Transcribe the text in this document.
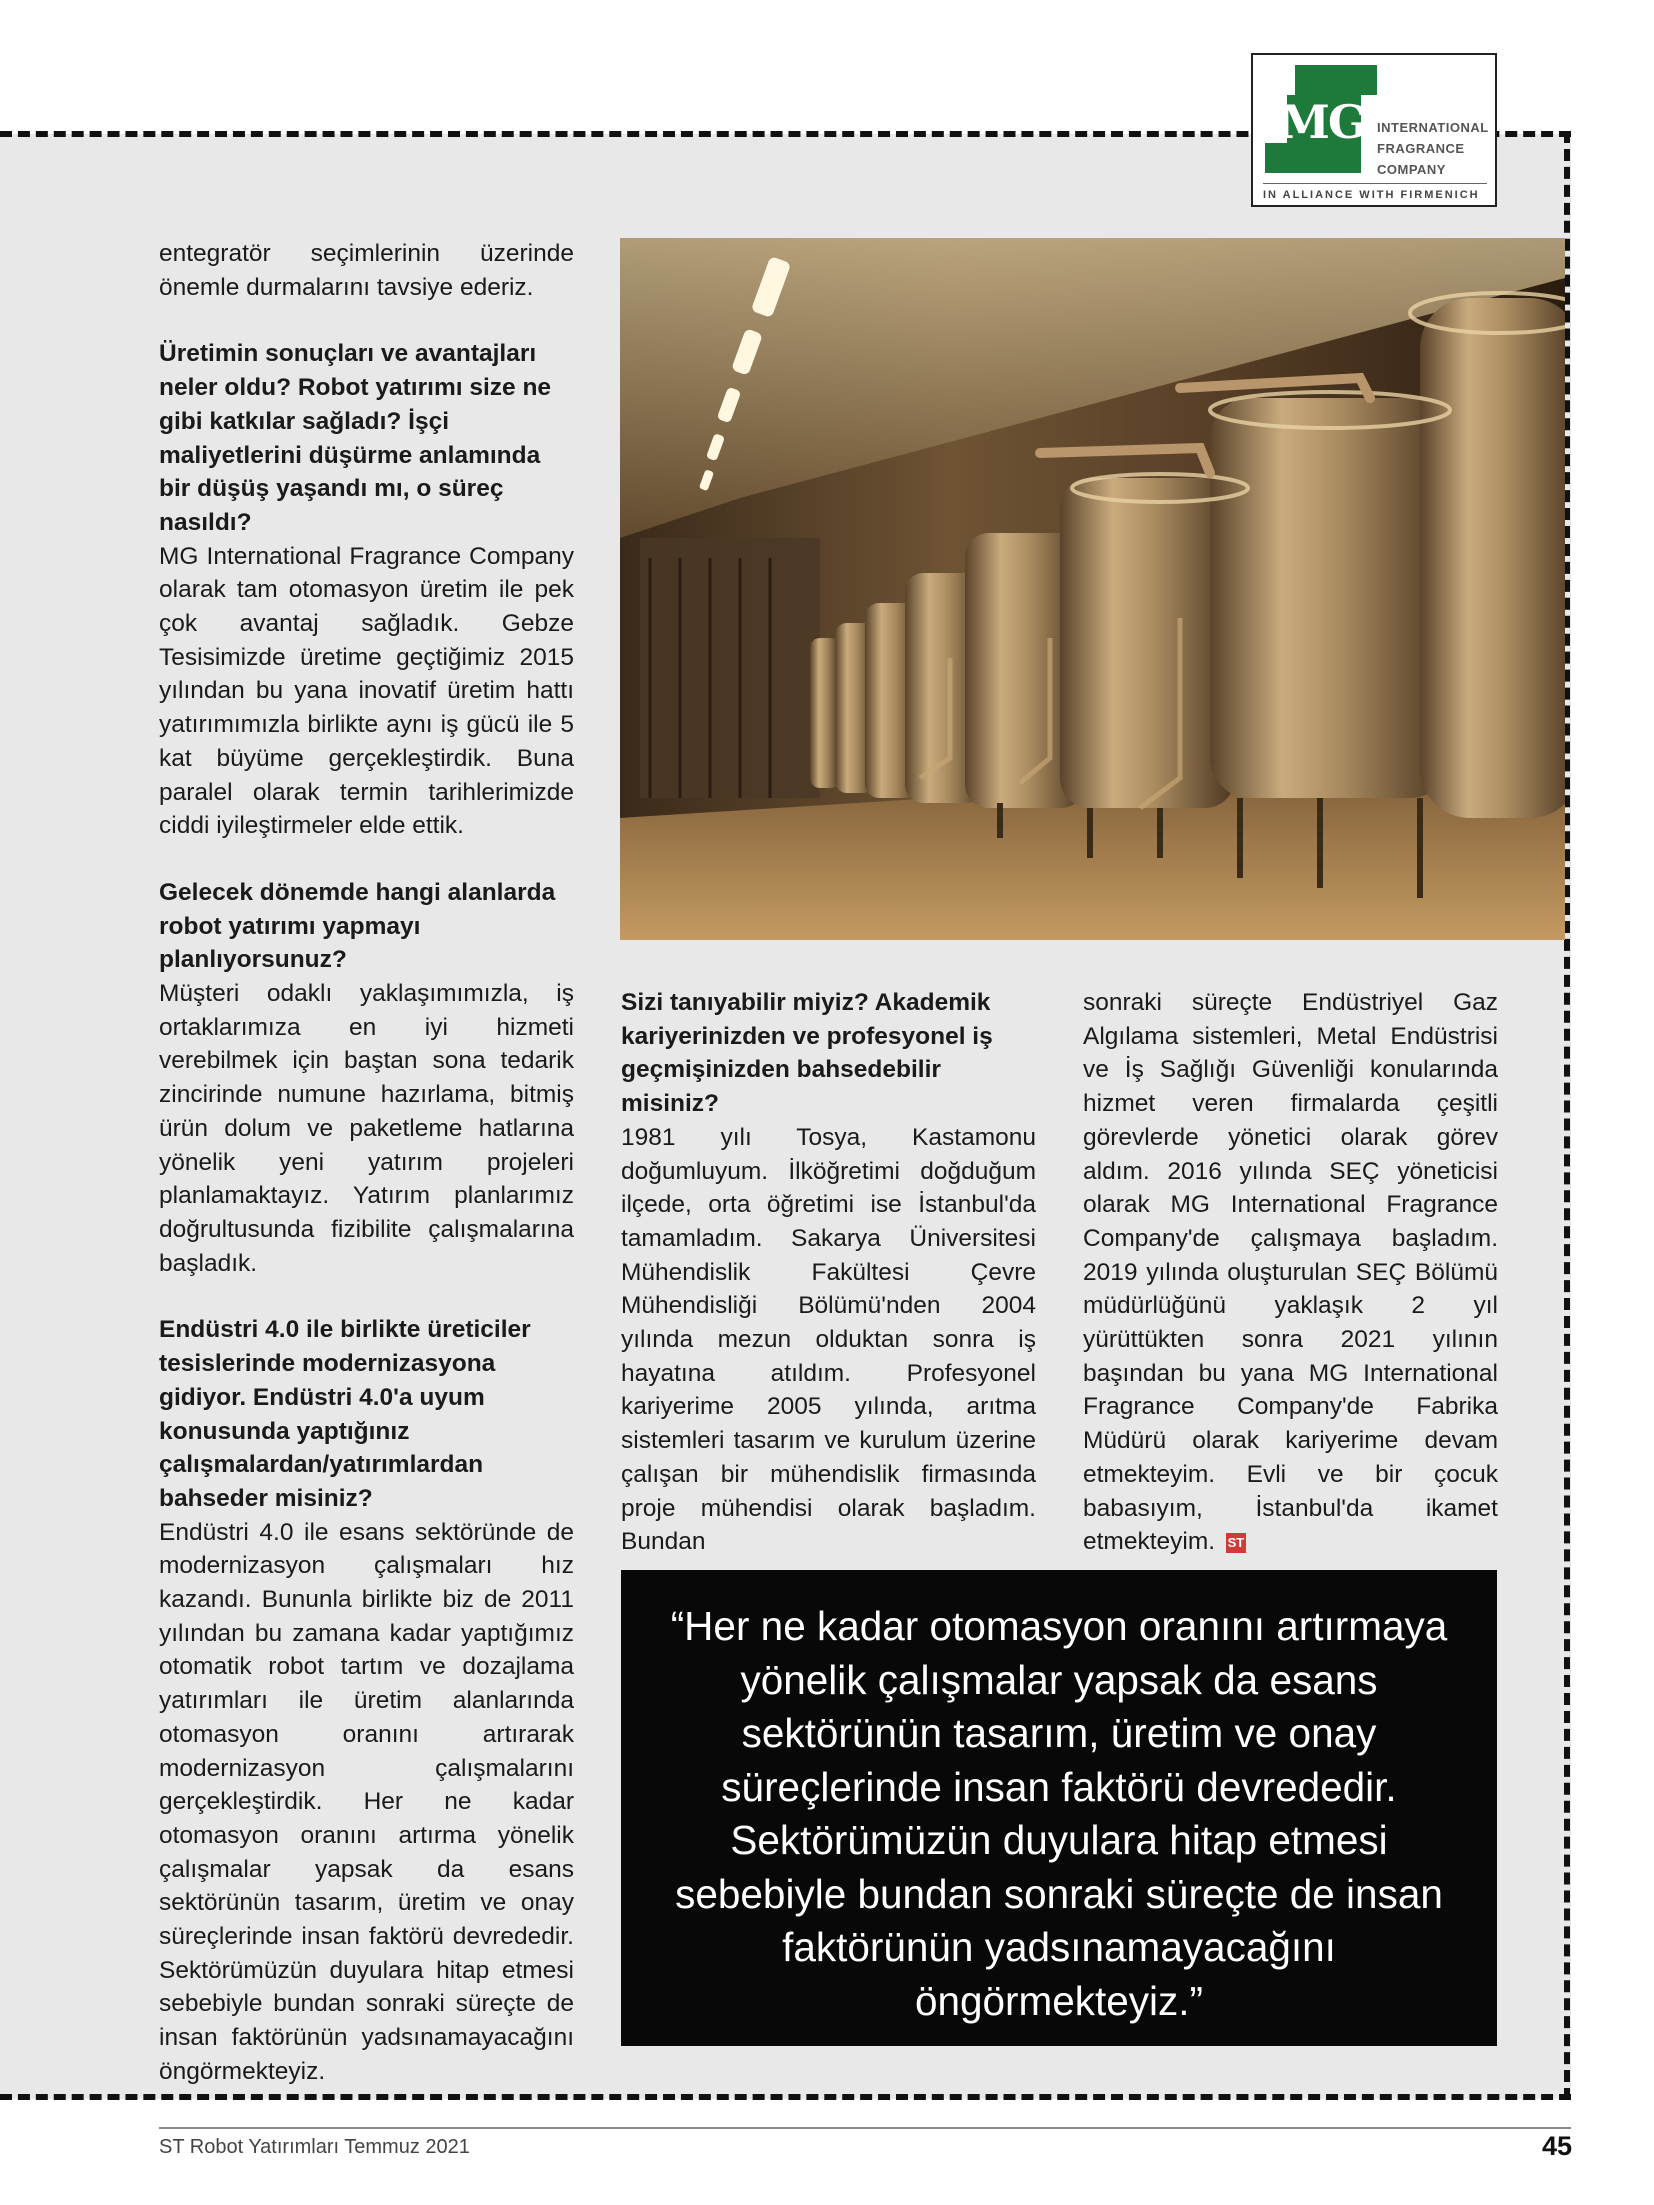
MG INTERNATIONAL
FRAGRANCE
COMPANY
IN ALLIANCE WITH FIRMENICH

entegratör seçimlerinin üzerinde önemle durmalarını tavsiye ederiz.

Üretimin sonuçları ve avantajları neler oldu? Robot yatırımı size ne gibi katkılar sağladı? İşçi maliyetlerini düşürme anlamında bir düşüş yaşandı mı, o süreç nasıldı?

MG International Fragrance Company olarak tam otomasyon üretim ile pek çok avantaj sağladık. Gebze Tesisimizde üretime geçtiğimiz 2015 yılından bu yana inovatif üretim hattı yatırımımızla birlikte aynı iş gücü ile 5 kat büyüme gerçekleştirdik. Buna paralel olarak termin tarihlerimizde ciddi iyileştirmeler elde ettik.

Gelecek dönemde hangi alanlarda robot yatırımı yapmayı planlıyorsunuz?

Müşteri odaklı yaklaşımımızla, iş ortaklarımıza en iyi hizmeti verebilmek için baştan sona tedarik zincirinde numune hazırlama, bitmiş ürün dolum ve paketleme hatlarına yönelik yeni yatırım projeleri planlamaktayız. Yatırım planlarımız doğrultusunda fizibilite çalışmalarına başladık.

Endüstri 4.0 ile birlikte üreticiler tesislerinde modernizasyona gidiyor. Endüstri 4.0'a uyum konusunda yaptığınız çalışmalardan/yatırımlardan bahseder misiniz?

Endüstri 4.0 ile esans sektöründe de modernizasyon çalışmaları hız kazandı. Bununla birlikte biz de 2011 yılından bu zamana kadar yaptığımız otomatik robot tartım ve dozajlama yatırımları ile üretim alanlarında otomasyon oranını artırarak modernizasyon çalışmalarını gerçekleştirdik. Her ne kadar otomasyon oranını artırma yönelik çalışmalar yapsak da esans sektörünün tasarım, üretim ve onay süreçlerinde insan faktörü devrededir. Sektörümüzün duyulara hitap etmesi sebebiyle bundan sonraki süreçte de insan faktörünün yadsınamayacağını öngörmekteyiz.

Sizi tanıyabilir miyiz? Akademik kariyerinizden ve profesyonel iş geçmişinizden bahsedebilir misiniz?

1981 yılı Tosya, Kastamonu doğumluyum. İlköğretimi doğduğum ilçede, orta öğretimi ise İstanbul'da tamamladım. Sakarya Üniversitesi Mühendislik Fakültesi Çevre Mühendisliği Bölümü'nden 2004 yılında mezun olduktan sonra iş hayatına atıldım. Profesyonel kariyerime 2005 yılında, arıtma sistemleri tasarım ve kurulum üzerine çalışan bir mühendislik firmasında proje mühendisi olarak başladım. Bundan

sonraki süreçte Endüstriyel Gaz Algılama sistemleri, Metal Endüstrisi ve İş Sağlığı Güvenliği konularında hizmet veren firmalarda çeşitli görevlerde yönetici olarak görev aldım. 2016 yılında SEÇ yöneticisi olarak MG International Fragrance Company'de çalışmaya başladım. 2019 yılında oluşturulan SEÇ Bölümü müdürlüğünü yaklaşık 2 yıl yürüttükten sonra 2021 yılının başından bu yana MG International Fragrance Company'de Fabrika Müdürü olarak kariyerime devam etmekteyim. Evli ve bir çocuk babasıyım, İstanbul'da ikamet etmekteyim. ST

“Her ne kadar otomasyon oranını artırmaya yönelik çalışmalar yapsak da esans sektörünün tasarım, üretim ve onay süreçlerinde insan faktörü devrededir. Sektörümüzün duyulara hitap etmesi sebebiyle bundan sonraki süreçte de insan faktörünün yadsınamayacağını öngörmekteyiz.”
ST Robot Yatırımları Temmuz 2021	45
